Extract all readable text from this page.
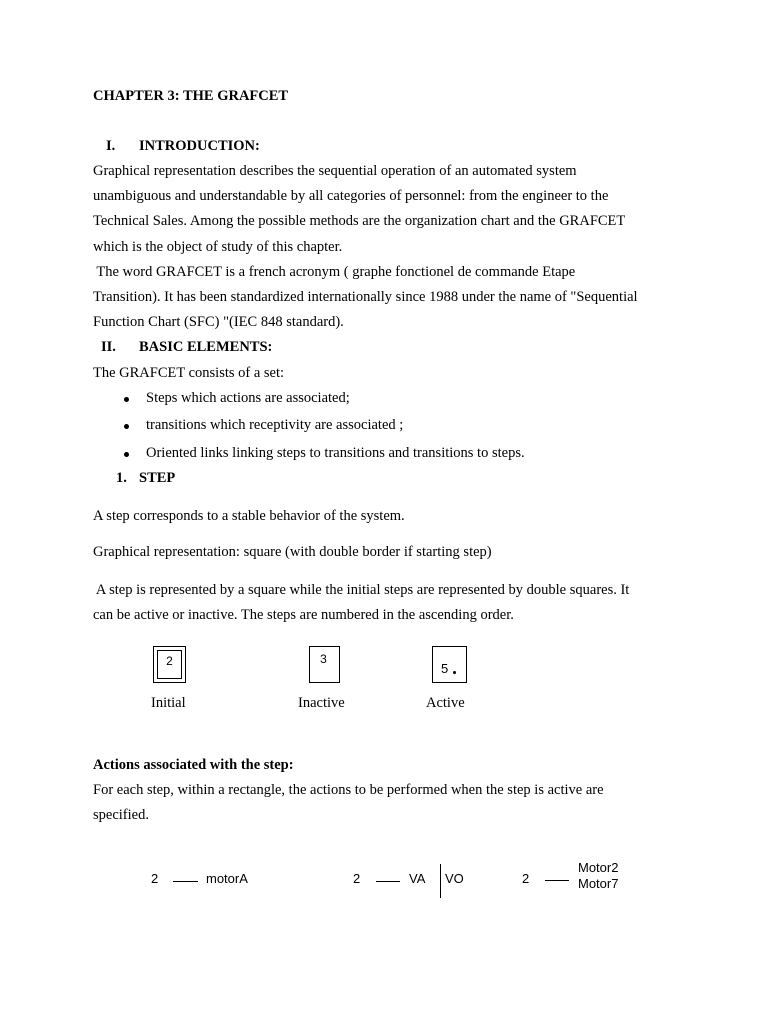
CHAPTER 3: THE GRAFCET
I. INTRODUCTION:
Graphical representation describes the sequential operation of an automated system
unambiguous and understandable by all categories of personnel: from the engineer to the
Technical Sales. Among the possible methods are the organization chart and the GRAFCET
which is the object of study of this chapter.
The word GRAFCET is a french acronym ( graphe fonctionel de commande Etape
Transition). It has been standardized internationally since 1988 under the name of "Sequential
Function Chart (SFC) "(IEC 848 standard).
II. BASIC ELEMENTS:
The GRAFCET consists of a set:
Steps which actions are associated;
transitions which receptivity are associated ;
Oriented links linking steps to transitions and transitions to steps.
1. STEP
A step corresponds to a stable behavior of the system.
Graphical representation: square (with double border if starting step)
A step is represented by a square while the initial steps are represented by double squares. It
can be active or inactive. The steps are numbered in the ascending order.
2
Initial
3
Inactive
5
Active
Actions associated with the step:
For each step, within a rectangle, the actions to be performed when the step is active are
specified.
2	motorA	2	VA VO	2
Motor2
Motor7
